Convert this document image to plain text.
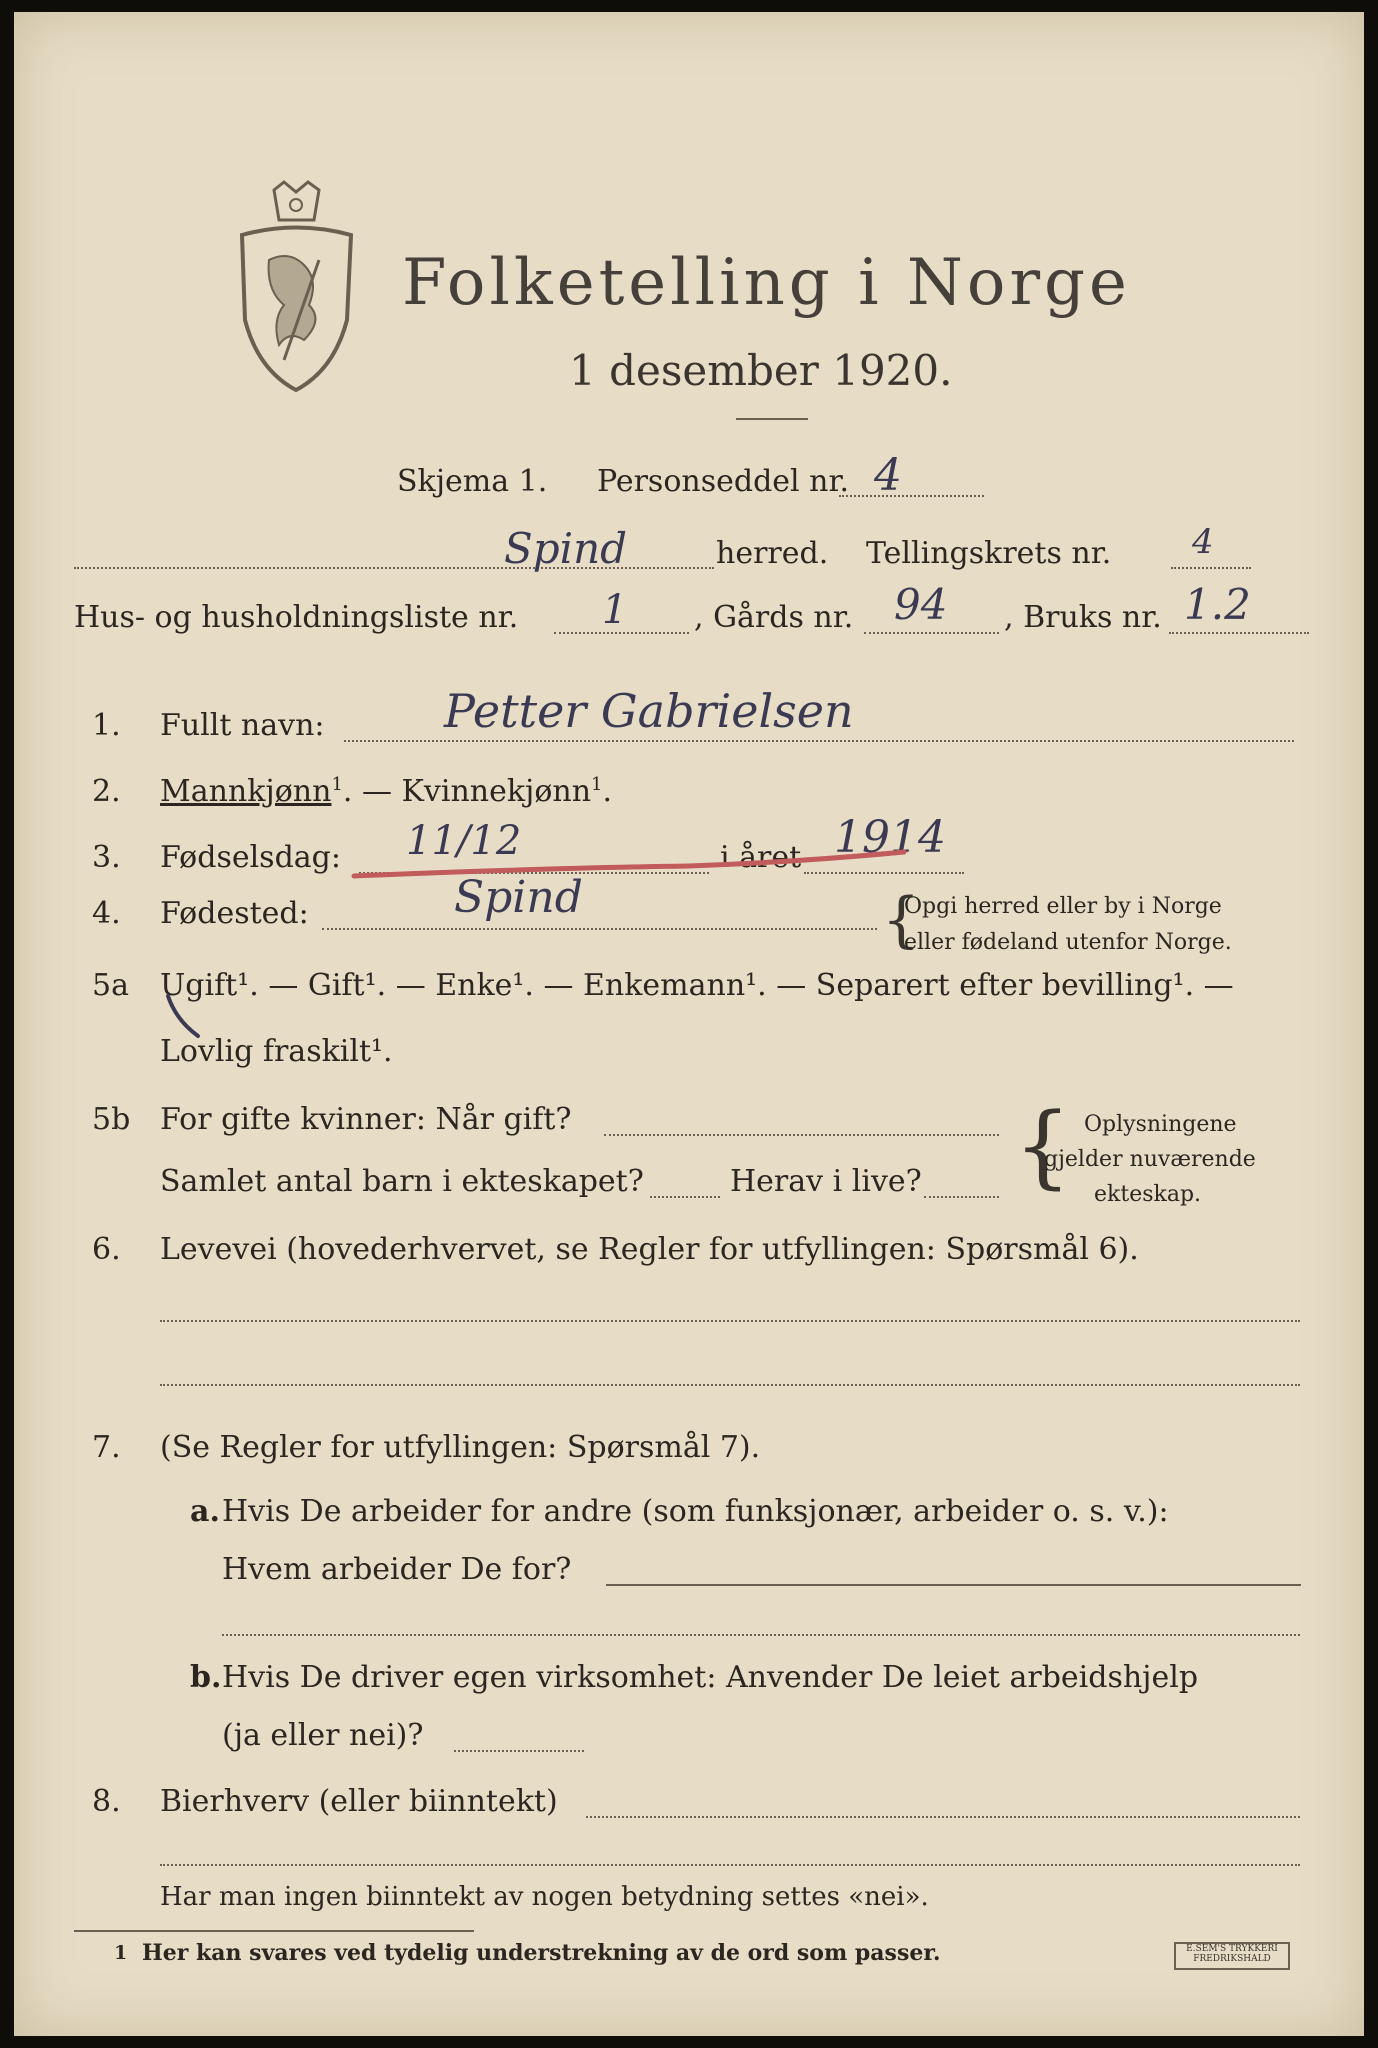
Folketelling i Norge
1 desember 1920.
Skjema 1. Personseddel nr. 4
Spind	herred. Tellingskrets nr. 4
Hus- og husholdningsliste nr. 1 , Gårds nr. 94 , Bruks nr. 1.2
1. Fullt navn:	Petter Gabrielsen
2. Mannkjønn$^1$. — Kvinnekjønn$^1$.
3. Fødselsdag: 11/12	i året 1914
4. Fødested:	Spind	{
Opgi herred eller by i Norge
eller fødeland utenfor Norge.
5a Ugift¹. — Gift¹. — Enke¹. — Enkemann¹. — Separert efter bevilling¹. —
Lovlig fraskilt¹.
5b For gifte kvinner: Når gift?
Samlet antal barn i ekteskapet?	Herav i live? { Oplysningene
gjelder nuværende
ekteskap.
6. Levevei (hovederhvervet, se Regler for utfyllingen: Spørsmål 6).
7. (Se Regler for utfyllingen: Spørsmål 7).
a. Hvis De arbeider for andre (som funksjonær, arbeider o. s. v.):
Hvem arbeider De for?
b. Hvis De driver egen virksomhet: Anvender De leiet arbeidshjelp
(ja eller nei)?
8. Bierhverv (eller biinntekt)
Har man ingen biinntekt av nogen betydning settes «nei».
1 Her kan svares ved tydelig understrekning av de ord som passer.	E.SEM'S TRYKKERI
FREDRIKSHALD
